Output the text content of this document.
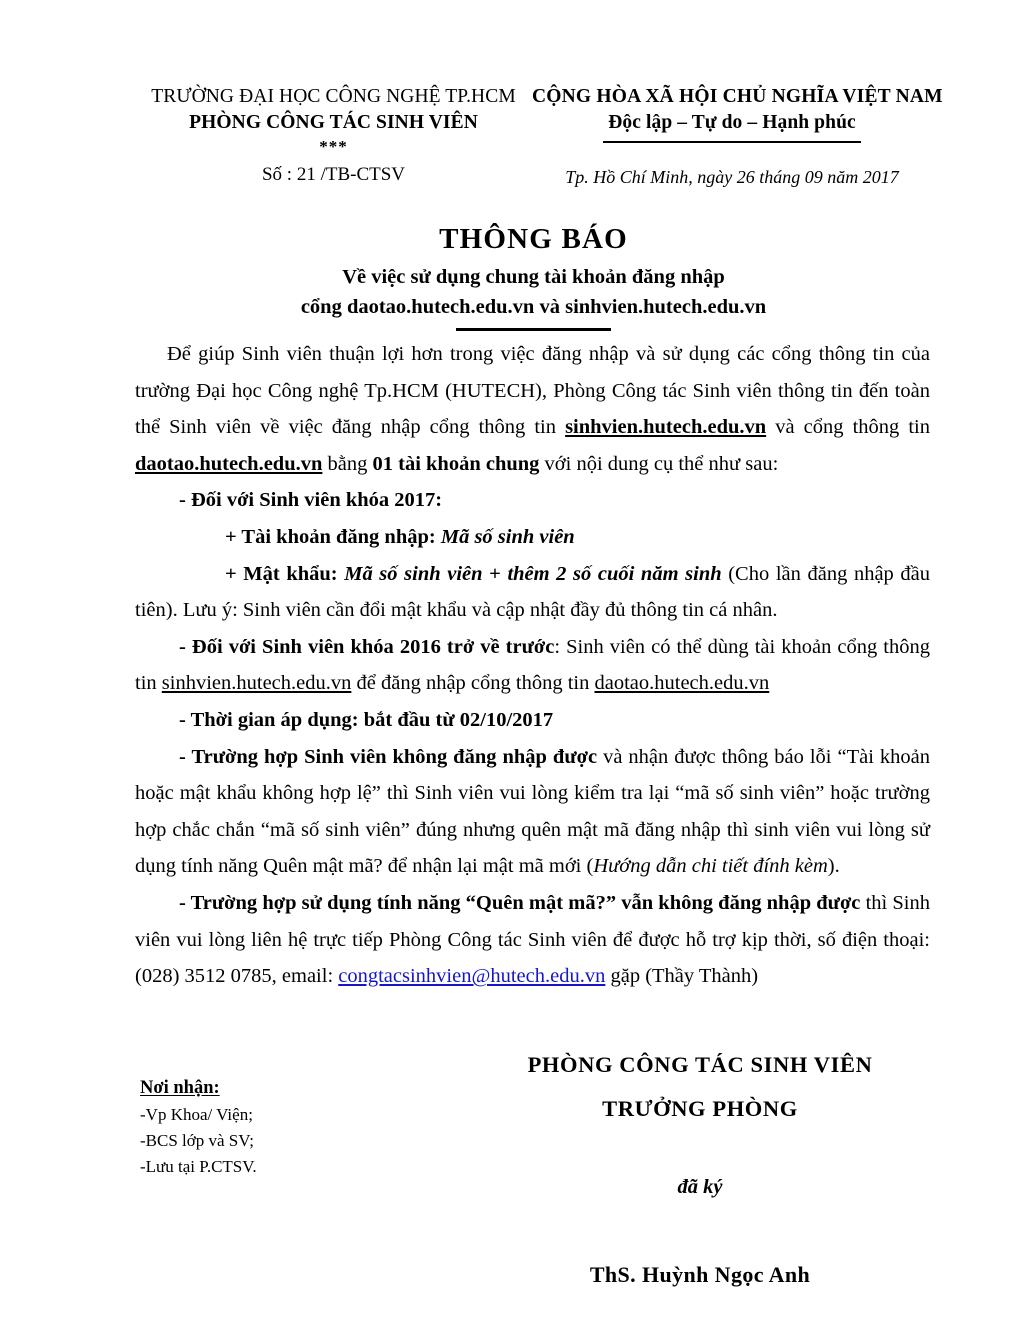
TRƯỜNG ĐẠI HỌC CÔNG NGHỆ TP.HCM
PHÒNG CÔNG TÁC SINH VIÊN
***
Số : 21 /TB-CTSV
CỘNG HÒA XÃ HỘI CHỦ NGHĨA VIỆT NAM
Độc lập – Tự do – Hạnh phúc
Tp. Hồ Chí Minh, ngày 26 tháng 09 năm 2017
THÔNG BÁO
Về việc sử dụng chung tài khoản đăng nhập
cổng daotao.hutech.edu.vn và sinhvien.hutech.edu.vn

Để giúp Sinh viên thuận lợi hơn trong việc đăng nhập và sử dụng các cổng thông tin của trường Đại học Công nghệ Tp.HCM (HUTECH), Phòng Công tác Sinh viên thông tin đến toàn thể Sinh viên về việc đăng nhập cổng thông tin sinhvien.hutech.edu.vn và cổng thông tin daotao.hutech.edu.vn bằng 01 tài khoản chung với nội dung cụ thể như sau:

- Đối với Sinh viên khóa 2017:

+ Tài khoản đăng nhập: Mã số sinh viên

+ Mật khẩu: Mã số sinh viên + thêm 2 số cuối năm sinh (Cho lần đăng nhập đầu tiên). Lưu ý: Sinh viên cần đổi mật khẩu và cập nhật đầy đủ thông tin cá nhân.

- Đối với Sinh viên khóa 2016 trở về trước: Sinh viên có thể dùng tài khoản cổng thông tin sinhvien.hutech.edu.vn để đăng nhập cổng thông tin daotao.hutech.edu.vn

- Thời gian áp dụng: bắt đầu từ 02/10/2017

- Trường hợp Sinh viên không đăng nhập được và nhận được thông báo lỗi “Tài khoản hoặc mật khẩu không hợp lệ” thì Sinh viên vui lòng kiểm tra lại “mã số sinh viên” hoặc trường hợp chắc chắn “mã số sinh viên” đúng nhưng quên mật mã đăng nhập thì sinh viên vui lòng sử dụng tính năng Quên mật mã? để nhận lại mật mã mới (Hướng dẫn chi tiết đính kèm).

- Trường hợp sử dụng tính năng “Quên mật mã?” vẫn không đăng nhập được thì Sinh viên vui lòng liên hệ trực tiếp Phòng Công tác Sinh viên để được hỗ trợ kịp thời, số điện thoại: (028) 3512 0785, email: congtacsinhvien@hutech.edu.vn gặp (Thầy Thành)

Nơi nhận:
-Vp Khoa/ Viện;
-BCS lớp và SV;
-Lưu tại P.CTSV.
PHÒNG CÔNG TÁC SINH VIÊN
TRƯỞNG PHÒNG
đã ký
ThS. Huỳnh Ngọc Anh
